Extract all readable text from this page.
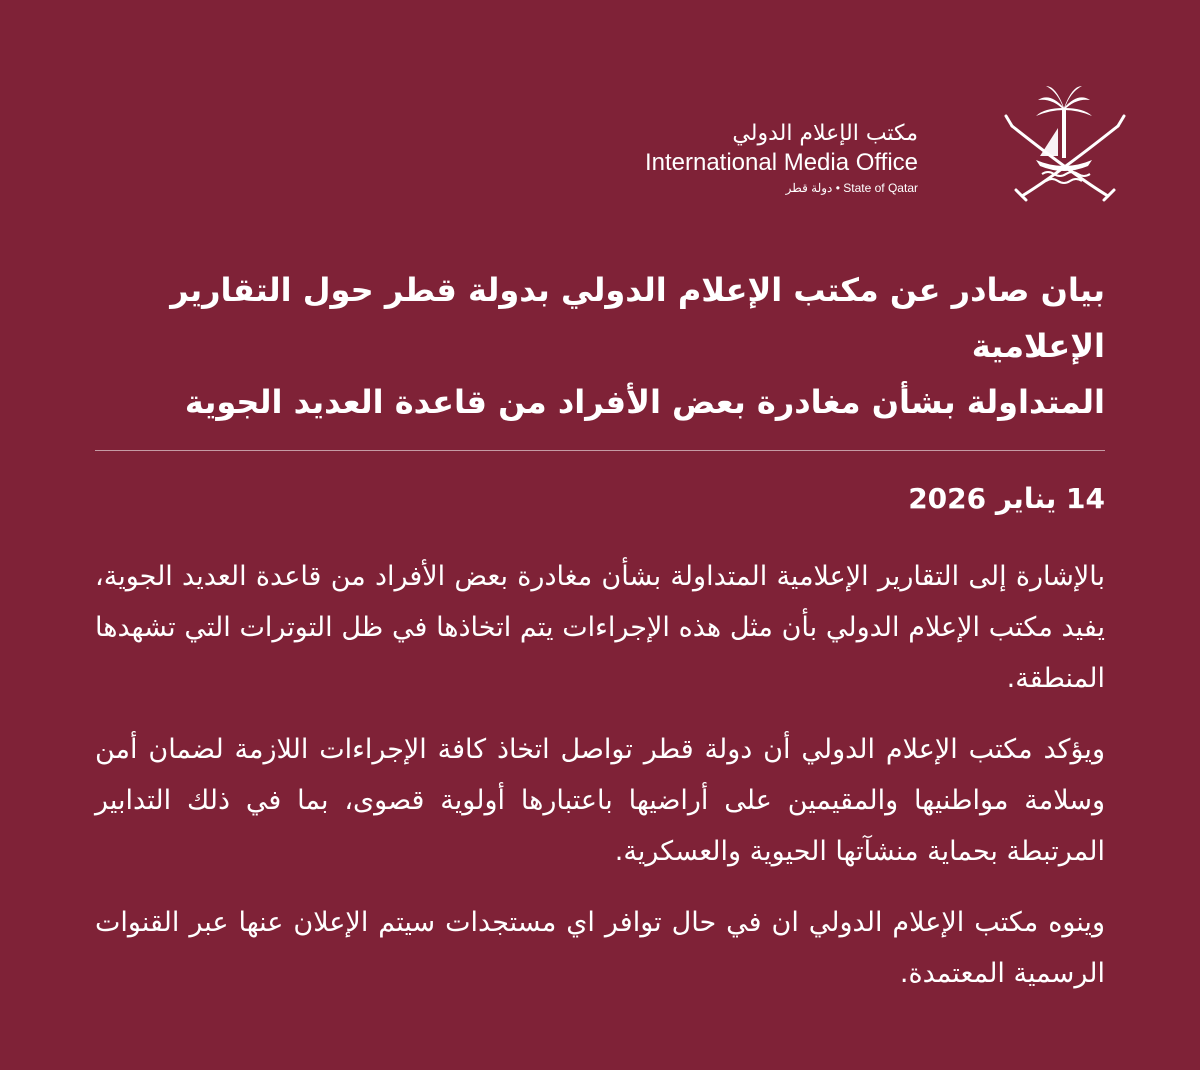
مكتب الإعلام الدولي
International Media Office
دولة قطر • State of Qatar
بيان صادر عن مكتب الإعلام الدولي بدولة قطر حول التقارير الإعلامية
المتداولة بشأن مغادرة بعض الأفراد من قاعدة العديد الجوية
14 يناير 2026

بالإشارة إلى التقارير الإعلامية المتداولة بشأن مغادرة بعض الأفراد من قاعدة العديد الجوية، يفيد مكتب الإعلام الدولي بأن مثل هذه الإجراءات يتم اتخاذها في ظل التوترات التي تشهدها المنطقة.

ويؤكد مكتب الإعلام الدولي أن دولة قطر تواصل اتخاذ كافة الإجراءات اللازمة لضمان أمن وسلامة مواطنيها والمقيمين على أراضيها باعتبارها أولوية قصوى، بما في ذلك التدابير المرتبطة بحماية منشآتها الحيوية والعسكرية.

وينوه مكتب الإعلام الدولي ان في حال توافر اي مستجدات سيتم الإعلان عنها عبر القنوات الرسمية المعتمدة.
